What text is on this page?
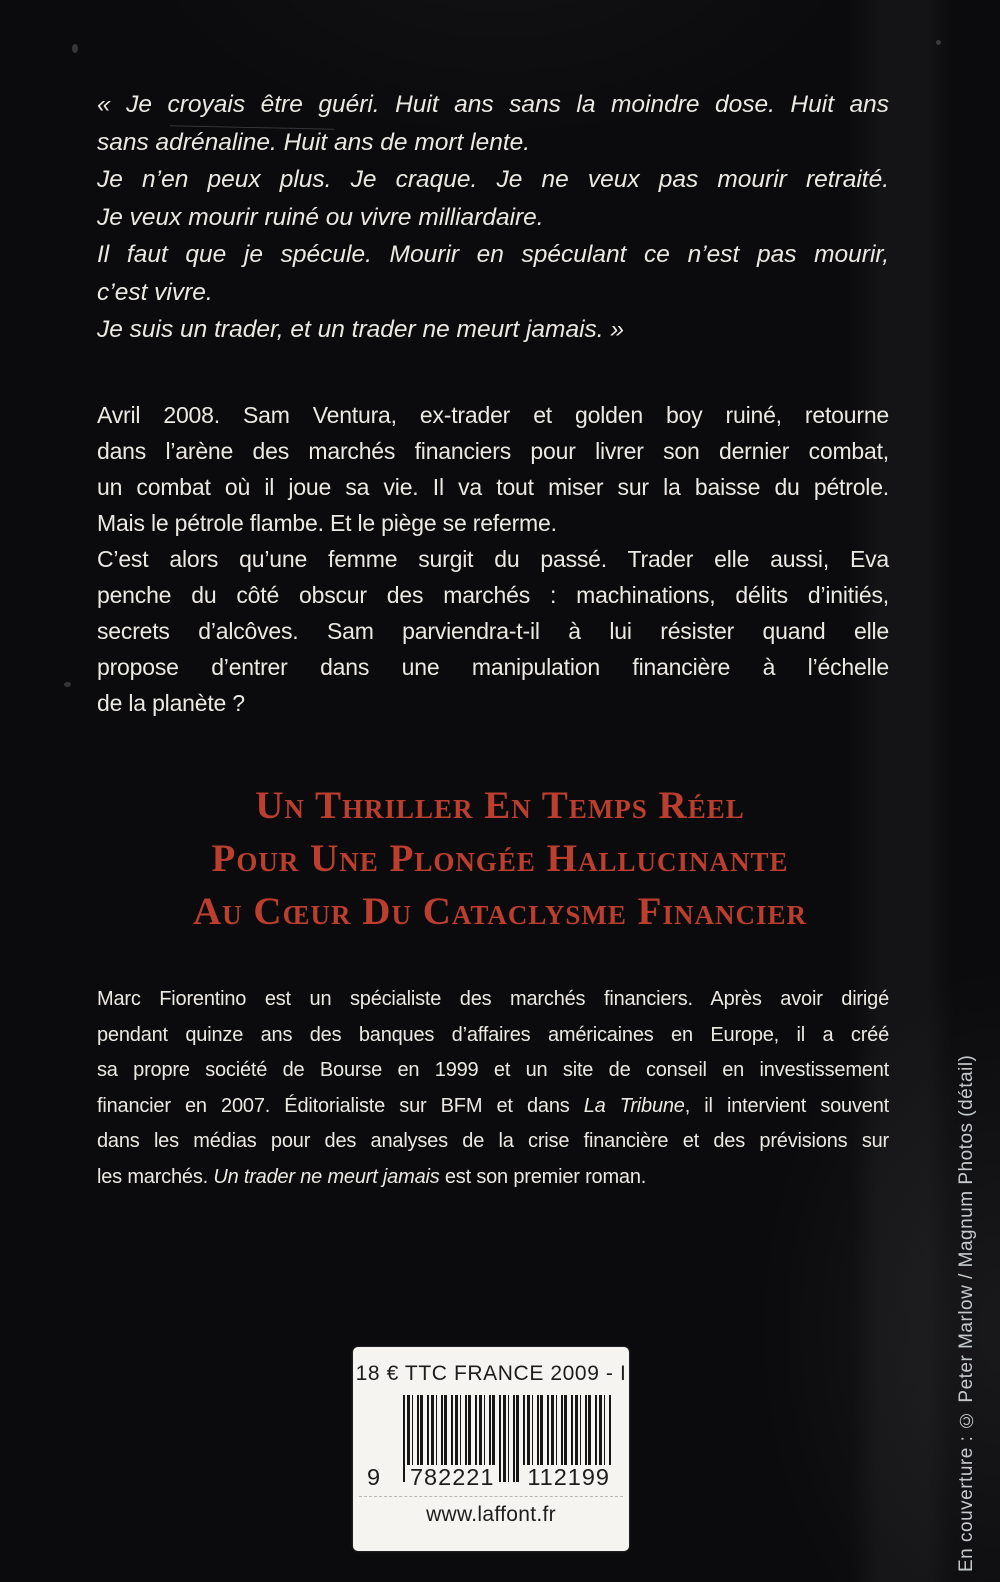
« Je croyais être guéri. Huit ans sans la moindre dose. Huit ans
sans adrénaline. Huit ans de mort lente.
Je n’en peux plus. Je craque. Je ne veux pas mourir retraité.
Je veux mourir ruiné ou vivre milliardaire.
Il faut que je spécule. Mourir en spéculant ce n’est pas mourir,
c’est vivre.
Je suis un trader, et un trader ne meurt jamais. »
Avril 2008. Sam Ventura, ex-trader et golden boy ruiné, retourne
dans l’arène des marchés financiers pour livrer son dernier combat,
un combat où il joue sa vie. Il va tout miser sur la baisse du pétrole.
Mais le pétrole flambe. Et le piège se referme.
C’est alors qu’une femme surgit du passé. Trader elle aussi, Eva
penche du côté obscur des marchés : machinations, délits d’initiés,
secrets d’alcôves. Sam parviendra-t-il à lui résister quand elle
propose d’entrer dans une manipulation financière à l’échelle
de la planète ?
Un Thriller En Temps Réel
Pour Une Plongée Hallucinante
Au Cœur Du Cataclysme Financier
Marc Fiorentino est un spécialiste des marchés financiers. Après avoir dirigé
pendant quinze ans des banques d’affaires américaines en Europe, il a créé
sa propre société de Bourse en 1999 et un site de conseil en investissement
financier en 2007. Éditorialiste sur BFM et dans La Tribune, il intervient souvent
dans les médias pour des analyses de la crise financière et des prévisions sur
les marchés. Un trader ne meurt jamais est son premier roman.
18 € TTC FRANCE 2009 - I
9 782221 112199
www.laffont.fr	En couverture : © Peter Marlow / Magnum Photos (détail)
